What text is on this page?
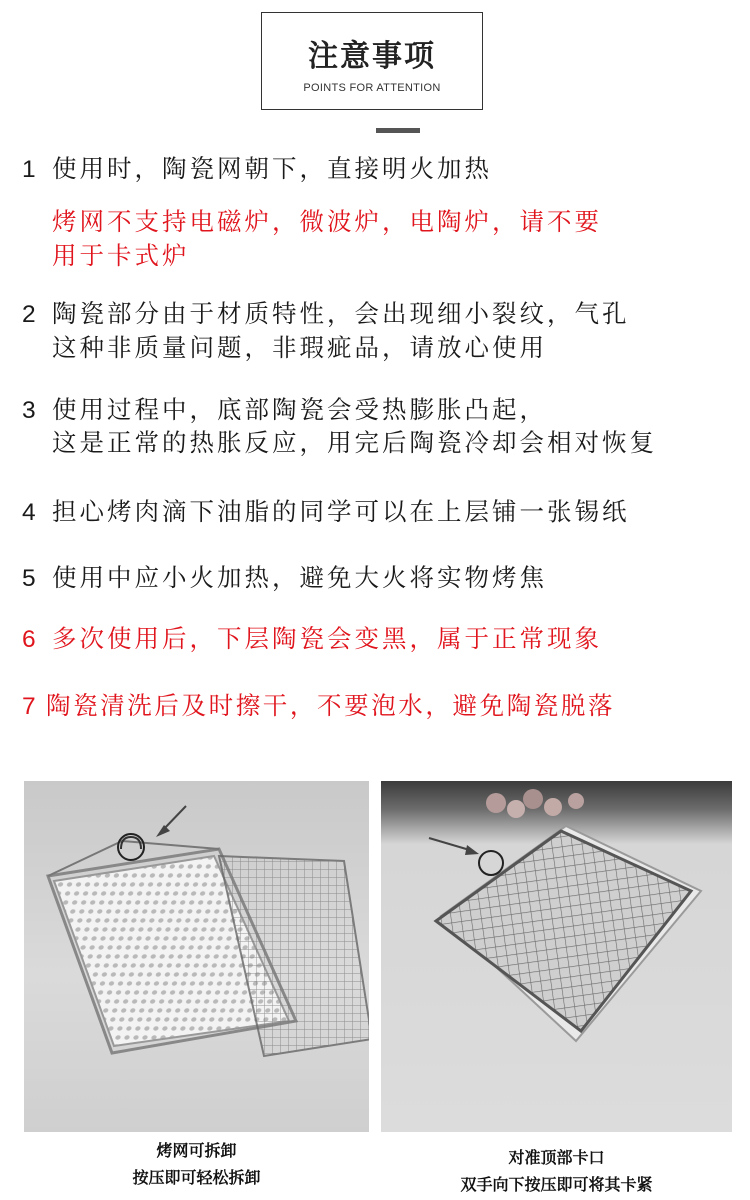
注意事项
POINTS FOR ATTENTION
1 使用时，陶瓷网朝下，直接明火加热
烤网不支持电磁炉，微波炉，电陶炉，请不要
用于卡式炉
2 陶瓷部分由于材质特性，会出现细小裂纹，气孔
这种非质量问题，非瑕疵品，请放心使用
3 使用过程中，底部陶瓷会受热膨胀凸起，
这是正常的热胀反应，用完后陶瓷冷却会相对恢复
4 担心烤肉滴下油脂的同学可以在上层铺一张锡纸
5 使用中应小火加热，避免大火将实物烤焦
6 多次使用后，下层陶瓷会变黑，属于正常现象
7 陶瓷清洗后及时擦干，不要泡水，避免陶瓷脱落
烤网可拆卸
按压即可轻松拆卸
对准顶部卡口
双手向下按压即可将其卡紧
